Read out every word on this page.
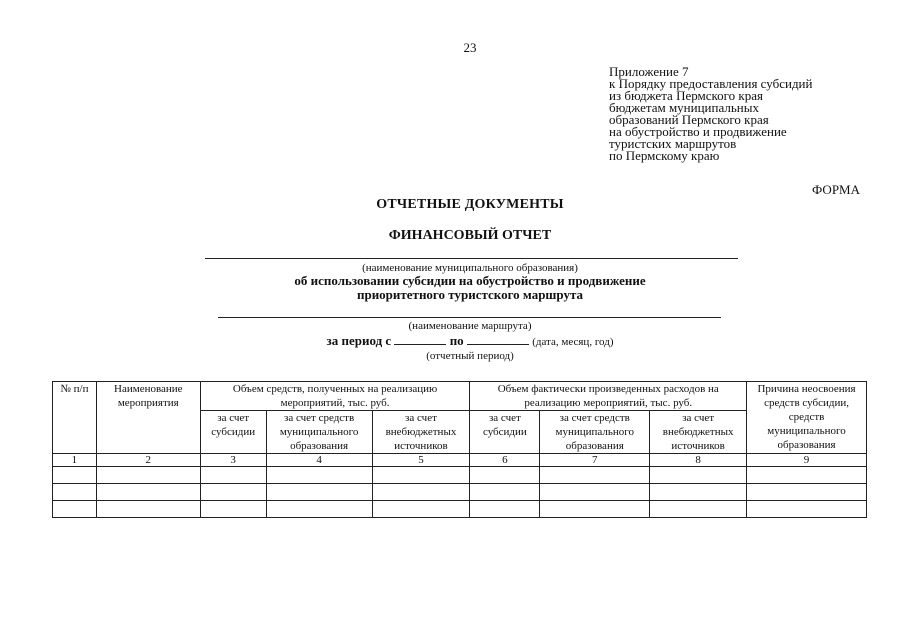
23
Приложение 7
к Порядку предоставления субсидий
из бюджета Пермского края
бюджетам муниципальных
образований Пермского края
на обустройство и продвижение
туристских маршрутов
по Пермскому краю
ФОРМА
ОТЧЕТНЫЕ ДОКУМЕНТЫ
ФИНАНСОВЫЙ ОТЧЕТ
(наименование муниципального образования)
об использовании субсидии на обустройство и продвижение
приоритетного туристского маршрута
(наименование маршрута)
за период с	по	(дата, месяц, год)
(отчетный период)
№ п/п	Наименование мероприятия	Объем средств, полученных на реализацию мероприятий, тыс. руб.			Объем фактически произведенных расходов на реализацию мероприятий, тыс. руб.			Причина неосвоения средств субсидии, средств муниципального образования
		за счет субсидии	за счет средств муниципального образования	за счет внебюджетных источников	за счет субсидии	за счет средств муниципального образования	за счет внебюджетных источников	
1	2	3	4	5	6	7	8	9
